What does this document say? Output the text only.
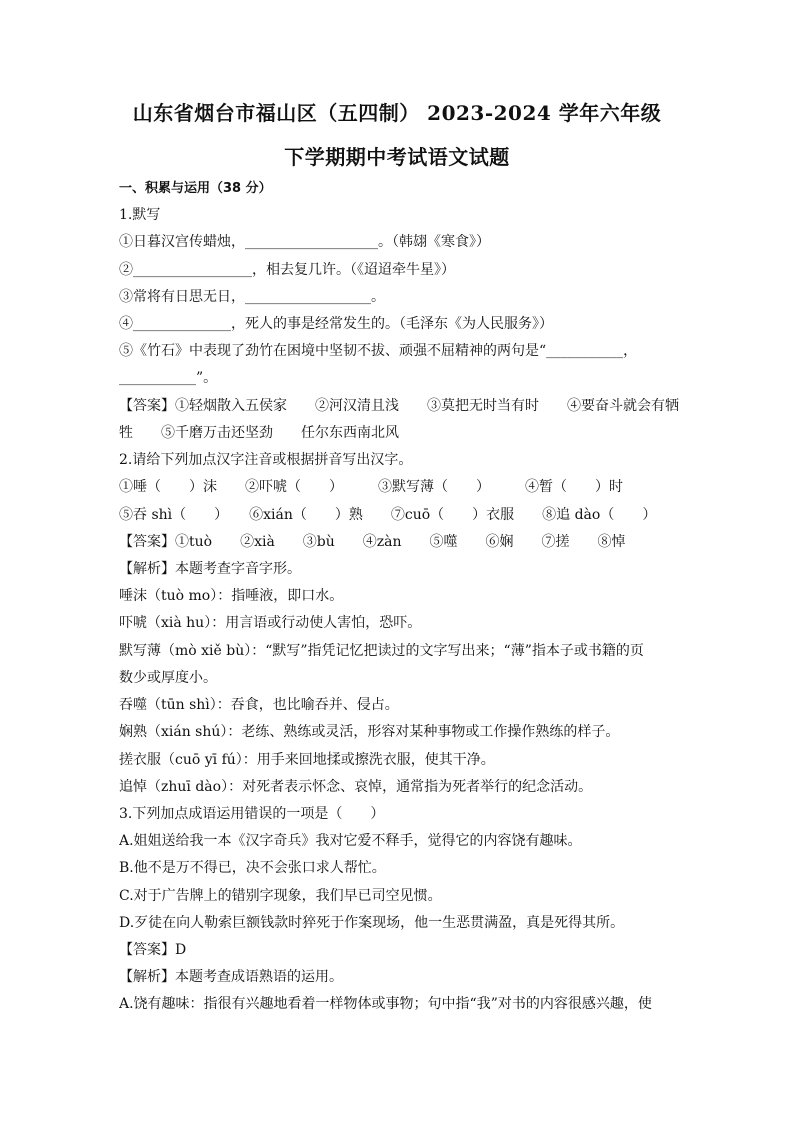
山东省烟台市福山区（五四制） 2023-2024 学年六年级
下学期期中考试语文试题
一、积累与运用（38 分）
1.默写
①日暮汉宫传蜡烛，___________________。（韩翃《寒食》）
②_________________，相去复几许。（《迢迢牵牛星》）
③常将有日思无日，__________________。
④______________，死人的事是经常发生的。（毛泽东《为人民服务》）
⑤《竹石》中表现了劲竹在困境中坚韧不拔、顽强不屈精神的两句是“___________，
___________”。
【答案】①轻烟散入五侯家　　②河汉清且浅　　③莫把无时当有时　　④要奋斗就会有牺
牲　　⑤千磨万击还坚劲　　任尔东西南北风
2.请给下列加点汉字注音或根据拼音写出汉字。
①唾（　　）沫　　②吓唬（　　）　　　③默写薄（　　）　　　④暂（　　）时
⑤吞 shì（　　）　　⑥xián（　　）熟　　⑦cuō（　　）衣服　　⑧追 dào（　　）
【答案】①tuò　　②xià　　③bù　　④zàn　　⑤噬　　⑥娴　　⑦搓　　⑧悼
【解析】本题考查字音字形。
唾沫（tuò mo）：指唾液，即口水。
吓唬（xià hu）：用言语或行动使人害怕，恐吓。
默写薄（mò xiě bù）：“默写”指凭记忆把读过的文字写出来；“薄”指本子或书籍的页
数少或厚度小。
吞噬（tūn shì）：吞食，也比喻吞并、侵占。
娴熟（xián shú）：老练、熟练或灵活，形容对某种事物或工作操作熟练的样子。
搓衣服（cuō yī fú）：用手来回地揉或擦洗衣服，使其干净。
追悼（zhuī dào）：对死者表示怀念、哀悼，通常指为死者举行的纪念活动。
3.下列加点成语运用错误的一项是（　　）
A.姐姐送给我一本《汉字奇兵》我对它爱不释手，觉得它的内容饶有趣味。
B.他不是万不得已，决不会张口求人帮忙。
C.对于广告牌上的错别字现象，我们早已司空见惯。
D.歹徒在向人勒索巨额钱款时猝死于作案现场，他一生恶贯满盈，真是死得其所。
【答案】D
【解析】本题考查成语熟语的运用。
A.饶有趣味：指很有兴趣地看着一样物体或事物；句中指“我”对书的内容很感兴趣，使
